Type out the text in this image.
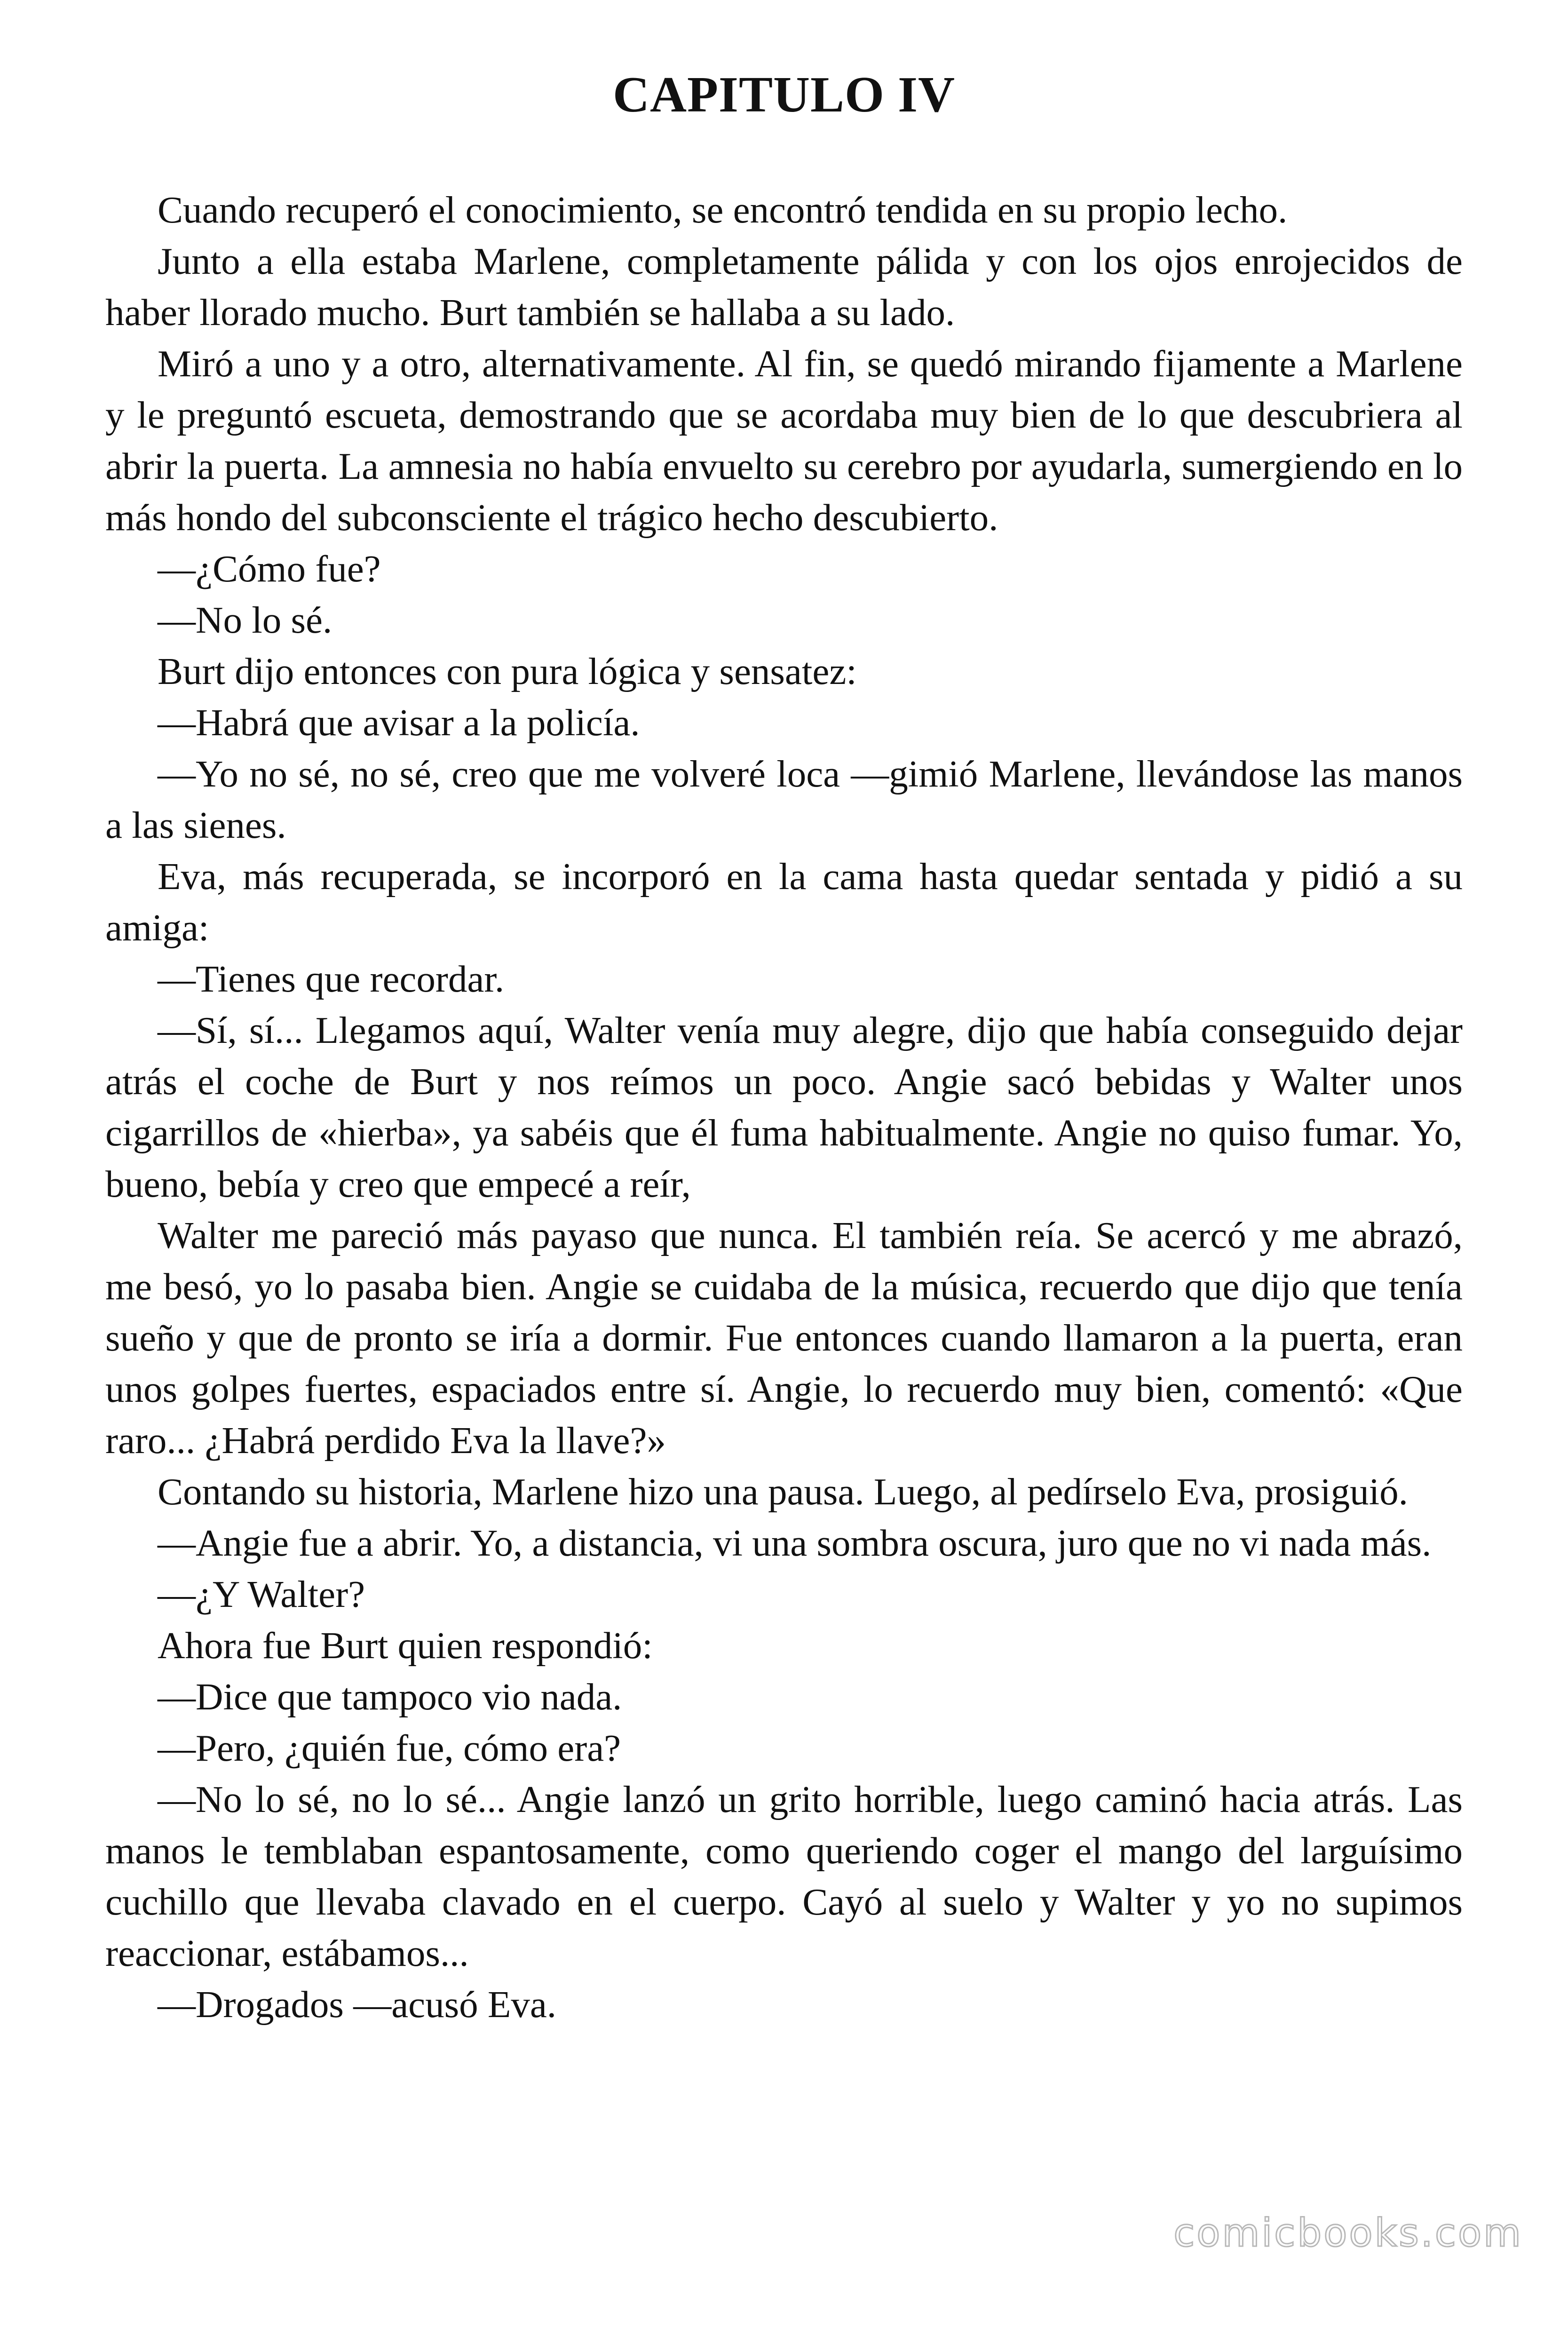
CAPITULO IV

Cuando recuperó el conocimiento, se encontró tendida en su propio lecho.

Junto a ella estaba Marlene, completamente pálida y con los ojos enrojecidos de haber llorado mucho. Burt también se hallaba a su lado.

Miró a uno y a otro, alternativamente. Al fin, se quedó mirando fijamente a Marlene y le preguntó escueta, demostrando que se acordaba muy bien de lo que descubriera al abrir la puerta. La amnesia no había envuelto su cerebro por ayudarla, sumergiendo en lo más hondo del subconsciente el trágico hecho descubierto.

—¿Cómo fue?

—No lo sé.

Burt dijo entonces con pura lógica y sensatez:

—Habrá que avisar a la policía.

—Yo no sé, no sé, creo que me volveré loca —gimió Marlene, llevándose las manos a las sienes.

Eva, más recuperada, se incorporó en la cama hasta quedar sentada y pidió a su amiga:

—Tienes que recordar.

—Sí, sí... Llegamos aquí, Walter venía muy alegre, dijo que había conseguido dejar atrás el coche de Burt y nos reímos un poco. Angie sacó bebidas y Walter unos cigarrillos de «hierba», ya sabéis que él fuma habitualmente. Angie no quiso fumar. Yo, bueno, bebía y creo que empecé a reír,

Walter me pareció más payaso que nunca. El también reía. Se acercó y me abrazó, me besó, yo lo pasaba bien. Angie se cuidaba de la música, recuerdo que dijo que tenía sueño y que de pronto se iría a dormir. Fue entonces cuando llamaron a la puerta, eran unos golpes fuertes, espaciados entre sí. Angie, lo recuerdo muy bien, comentó: «Que raro... ¿Habrá perdido Eva la llave?»

Contando su historia, Marlene hizo una pausa. Luego, al pedírselo Eva, prosiguió.

—Angie fue a abrir. Yo, a distancia, vi una sombra oscura, juro que no vi nada más.

—¿Y Walter?

Ahora fue Burt quien respondió:

—Dice que tampoco vio nada.

—Pero, ¿quién fue, cómo era?

—No lo sé, no lo sé... Angie lanzó un grito horrible, luego caminó hacia atrás. Las manos le temblaban espantosamente, como queriendo coger el mango del larguísimo cuchillo que llevaba clavado en el cuerpo. Cayó al suelo y Walter y yo no supimos reaccionar, estábamos...

—Drogados —acusó Eva.

comicbooks.com
